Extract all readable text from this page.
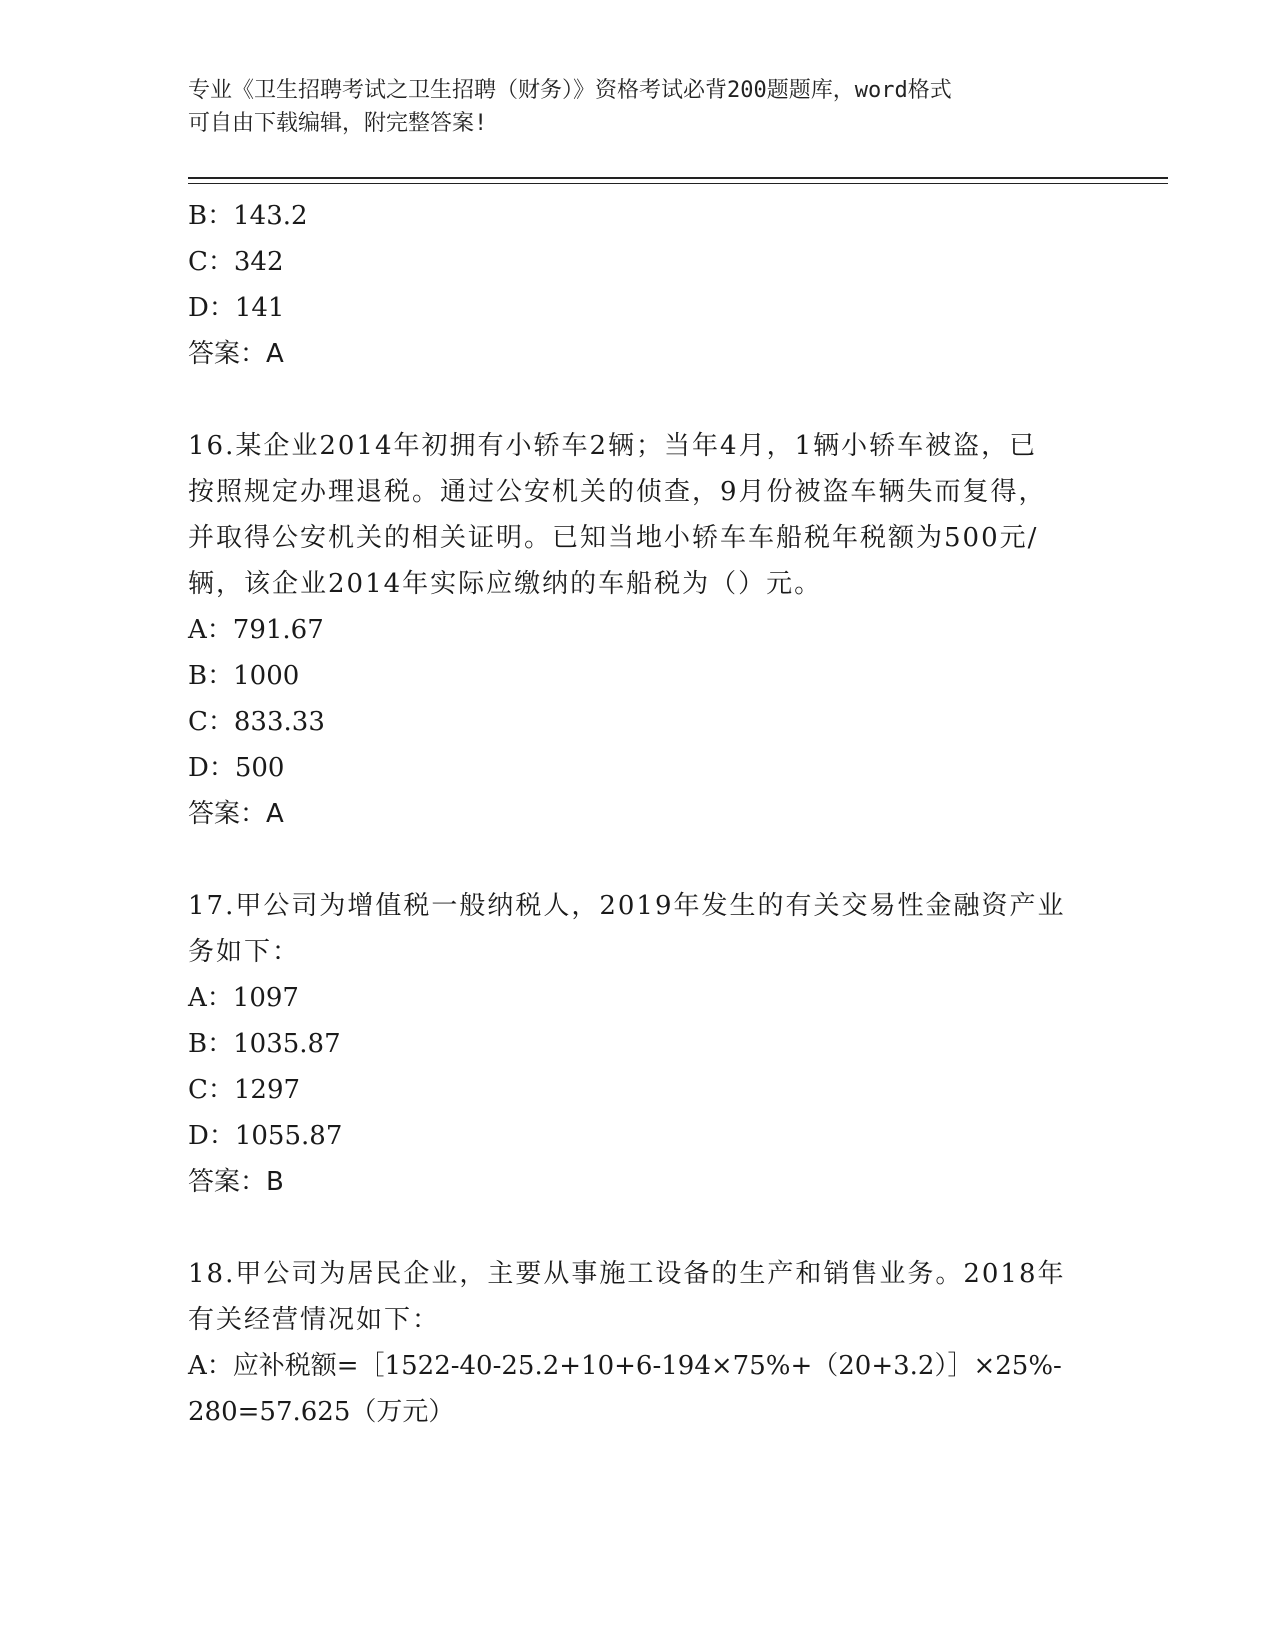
专业《卫生招聘考试之卫生招聘（财务）》资格考试必背200题题库，word格式
可自由下载编辑，附完整答案!
B：143.2
C：342
D：141
答案：A
16.某企业2014年初拥有小轿车2辆；当年4月，1辆小轿车被盗，已
按照规定办理退税。通过公安机关的侦查，9月份被盗车辆失而复得，
并取得公安机关的相关证明。已知当地小轿车车船税年税额为500元/
辆，该企业2014年实际应缴纳的车船税为（）元。
A：791.67
B：1000
C：833.33
D：500
答案：A
17.甲公司为增值税一般纳税人，2019年发生的有关交易性金融资产业
务如下：
A：1097
B：1035.87
C：1297
D：1055.87
答案：B
18.甲公司为居民企业，主要从事施工设备的生产和销售业务。2018年
有关经营情况如下：
A：应补税额=［1522-40-25.2+10+6-194×75%+（20+3.2）］×25%-
280=57.625（万元）
